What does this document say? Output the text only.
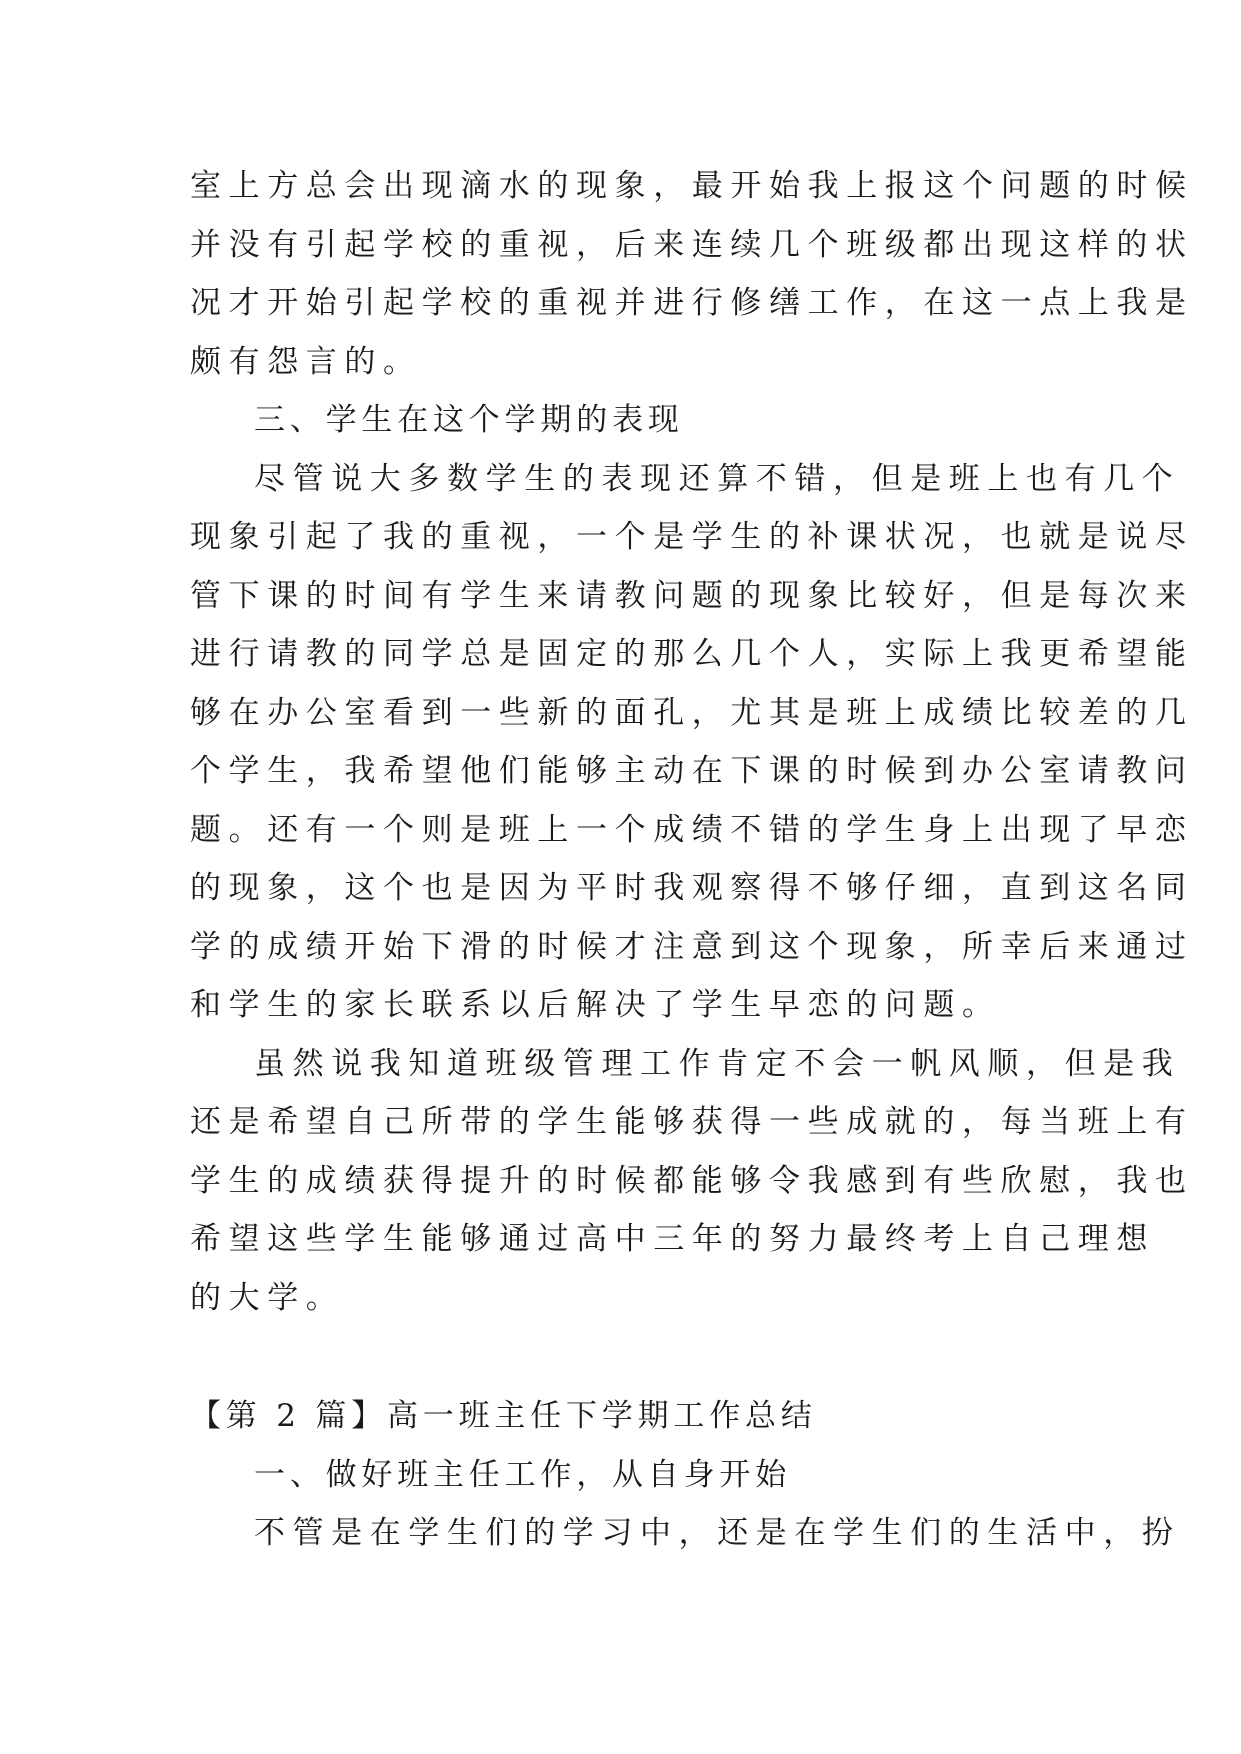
室上方总会出现滴水的现象，最开始我上报这个问题的时候
并没有引起学校的重视，后来连续几个班级都出现这样的状
况才开始引起学校的重视并进行修缮工作，在这一点上我是
颇有怨言的。
三、学生在这个学期的表现
尽管说大多数学生的表现还算不错，但是班上也有几个
现象引起了我的重视，一个是学生的补课状况，也就是说尽
管下课的时间有学生来请教问题的现象比较好，但是每次来
进行请教的同学总是固定的那么几个人，实际上我更希望能
够在办公室看到一些新的面孔，尤其是班上成绩比较差的几
个学生，我希望他们能够主动在下课的时候到办公室请教问
题。还有一个则是班上一个成绩不错的学生身上出现了早恋
的现象，这个也是因为平时我观察得不够仔细，直到这名同
学的成绩开始下滑的时候才注意到这个现象，所幸后来通过
和学生的家长联系以后解决了学生早恋的问题。
虽然说我知道班级管理工作肯定不会一帆风顺，但是我
还是希望自己所带的学生能够获得一些成就的，每当班上有
学生的成绩获得提升的时候都能够令我感到有些欣慰，我也
希望这些学生能够通过高中三年的努力最终考上自己理想
的大学。
【第 2 篇】高一班主任下学期工作总结
一、做好班主任工作，从自身开始
不管是在学生们的学习中，还是在学生们的生活中，扮
